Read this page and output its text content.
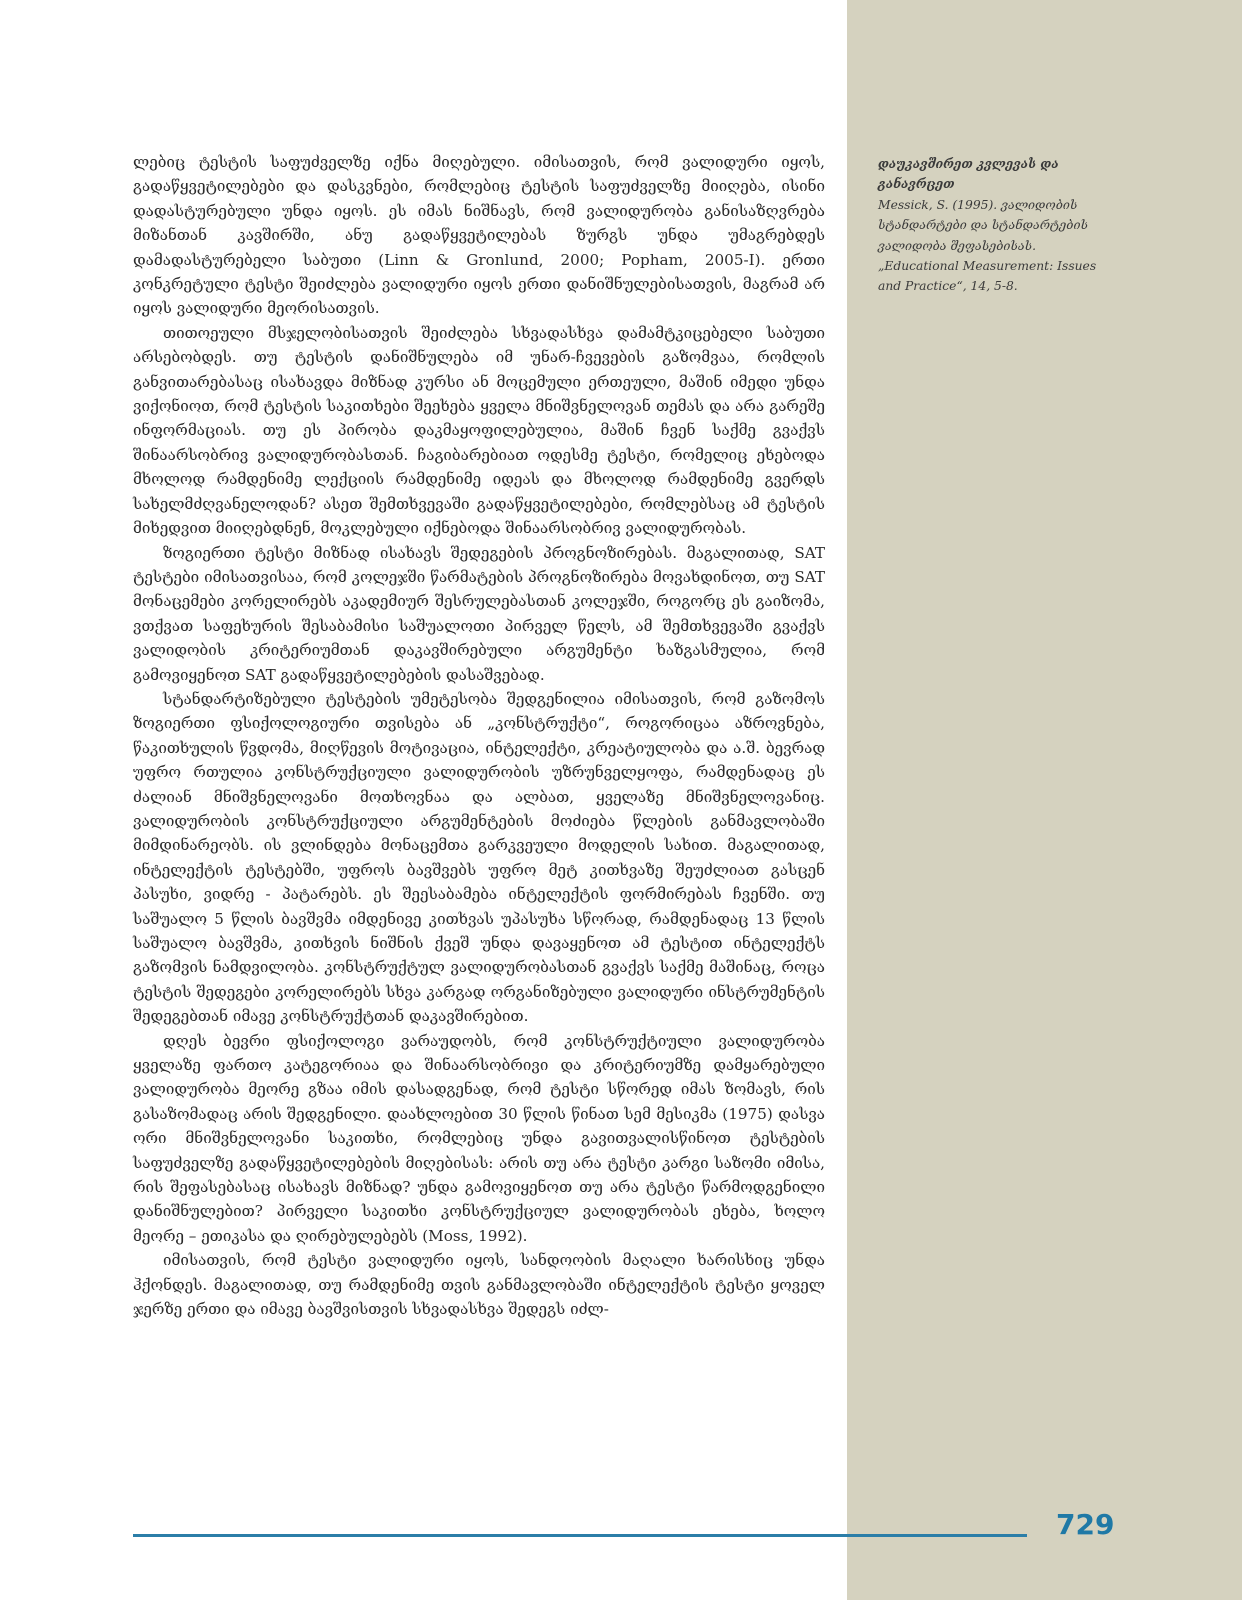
ლებიც ტესტის საფუძველზე იქნა მიღებული. იმისათვის, რომ ვალიდური იყოს, გადაწყვეტილებები და დასკვნები, რომლებიც ტესტის საფუძველზე მიიღება, ისინი დადასტურებული უნდა იყოს. ეს იმას ნიშნავს, რომ ვალიდურობა განისაზღვრება მიზანთან კავშირში, ანუ გადაწყვეტილებას ზურგს უნდა უმაგრებდეს დამადასტურებელი საბუთი (Linn & Gronlund, 2000; Popham, 2005-I). ერთი კონკრეტული ტესტი შეიძლება ვალიდური იყოს ერთი დანიშნულებისათვის, მაგრამ არ იყოს ვალიდური მეორისათვის.

თითოეული მსჯელობისათვის შეიძლება სხვადასხვა დამამტკიცებელი საბუთი არსებობდეს. თუ ტესტის დანიშნულება იმ უნარ-ჩვევების გაზომვაა, რომლის განვითარებასაც ისახავდა მიზნად კურსი ან მოცემული ერთეული, მაშინ იმედი უნდა ვიქონიოთ, რომ ტესტის საკითხები შეეხება ყველა მნიშვნელოვან თემას და არა გარეშე ინფორმაციას. თუ ეს პირობა დაკმაყოფილებულია, მაშინ ჩვენ საქმე გვაქვს შინაარსობრივ ვალიდურობასთან. ჩაგიბარებიათ ოდესმე ტესტი, რომელიც ეხებოდა მხოლოდ რამდენიმე ლექციის რამდენიმე იდეას და მხოლოდ რამდენიმე გვერდს სახელმძღვანელოდან? ასეთ შემთხვევაში გადაწყვეტილებები, რომლებსაც ამ ტესტის მიხედვით მიიღებდნენ, მოკლებული იქნებოდა შინაარსობრივ ვალიდურობას.

ზოგიერთი ტესტი მიზნად ისახავს შედეგების პროგნოზირებას. მაგალითად, SAT ტესტები იმისათვისაა, რომ კოლეჯში წარმატების პროგნოზირება მოვახდინოთ, თუ SAT მონაცემები კორელირებს აკადემიურ შესრულებასთან კოლეჯში, როგორც ეს გაიზომა, ვთქვათ საფეხურის შესაბამისი საშუალოთი პირველ წელს, ამ შემთხვევაში გვაქვს ვალიდობის კრიტერიუმთან დაკავშირებული არგუმენტი ხაზგასმულია, რომ გამოვიყენოთ SAT გადაწყვეტილებების დასაშვებად.

სტანდარტიზებული ტესტების უმეტესობა შედგენილია იმისათვის, რომ გაზომოს ზოგიერთი ფსიქოლოგიური თვისება ან „კონსტრუქტი“, როგორიცაა აზროვნება, წაკითხულის წვდომა, მიღწევის მოტივაცია, ინტელექტი, კრეატიულობა და ა.შ. ბევრად უფრო რთულია კონსტრუქციული ვალიდურობის უზრუნველყოფა, რამდენადაც ეს ძალიან მნიშვნელოვანი მოთხოვნაა და ალბათ, ყველაზე მნიშვნელოვანიც. ვალიდურობის კონსტრუქციული არგუმენტების მოძიება წლების განმავლობაში მიმდინარეობს. ის ვლინდება მონაცემთა გარკვეული მოდელის სახით. მაგალითად, ინტელექტის ტესტებში, უფროს ბავშვებს უფრო მეტ კითხვაზე შეუძლიათ გასცენ პასუხი, ვიდრე - პატარებს. ეს შეესაბამება ინტელექტის ფორმირებას ჩვენში. თუ საშუალო 5 წლის ბავშვმა იმდენივე კითხვას უპასუხა სწორად, რამდენადაც 13 წლის საშუალო ბავშვმა, კითხვის ნიშნის ქვეშ უნდა დავაყენოთ ამ ტესტით ინტელექტს გაზომვის ნამდვილობა. კონსტრუქტულ ვალიდურობასთან გვაქვს საქმე მაშინაც, როცა ტესტის შედეგები კორელირებს სხვა კარგად ორგანიზებული ვალიდური ინსტრუმენტის შედეგებთან იმავე კონსტრუქტთან დაკავშირებით.

დღეს ბევრი ფსიქოლოგი ვარაუდობს, რომ კონსტრუქტიული ვალიდურობა ყველაზე ფართო კატეგორიაა და შინაარსობრივი და კრიტერიუმზე დამყარებული ვალიდურობა მეორე გზაა იმის დასადგენად, რომ ტესტი სწორედ იმას ზომავს, რის გასაზომადაც არის შედგენილი. დაახლოებით 30 წლის წინათ სემ მესიკმა (1975) დასვა ორი მნიშვნელოვანი საკითხი, რომლებიც უნდა გავითვალისწინოთ ტესტების საფუძველზე გადაწყვეტილებების მიღებისას: არის თუ არა ტესტი კარგი საზომი იმისა, რის შეფასებასაც ისახავს მიზნად? უნდა გამოვიყენოთ თუ არა ტესტი წარმოდგენილი დანიშნულებით? პირველი საკითხი კონსტრუქციულ ვალიდურობას ეხება, ხოლო მეორე – ეთიკასა და ღირებულებებს (Moss, 1992).

იმისათვის, რომ ტესტი ვალიდური იყოს, სანდოობის მაღალი ხარისხიც უნდა ჰქონდეს. მაგალითად, თუ რამდენიმე თვის განმავლობაში ინტელექტის ტესტი ყოველ ჯერზე ერთი და იმავე ბავშვისთვის სხვადასხვა შედეგს იძლ-

დაუკავშირეთ კვლევას და განავრცეთ
Messick, S. (1995). ვალიდობის სტანდარტები და სტანდარტების ვალიდობა შეფასებისას. „Educational Measurement: Issues and Practice“, 14, 5-8.
729
